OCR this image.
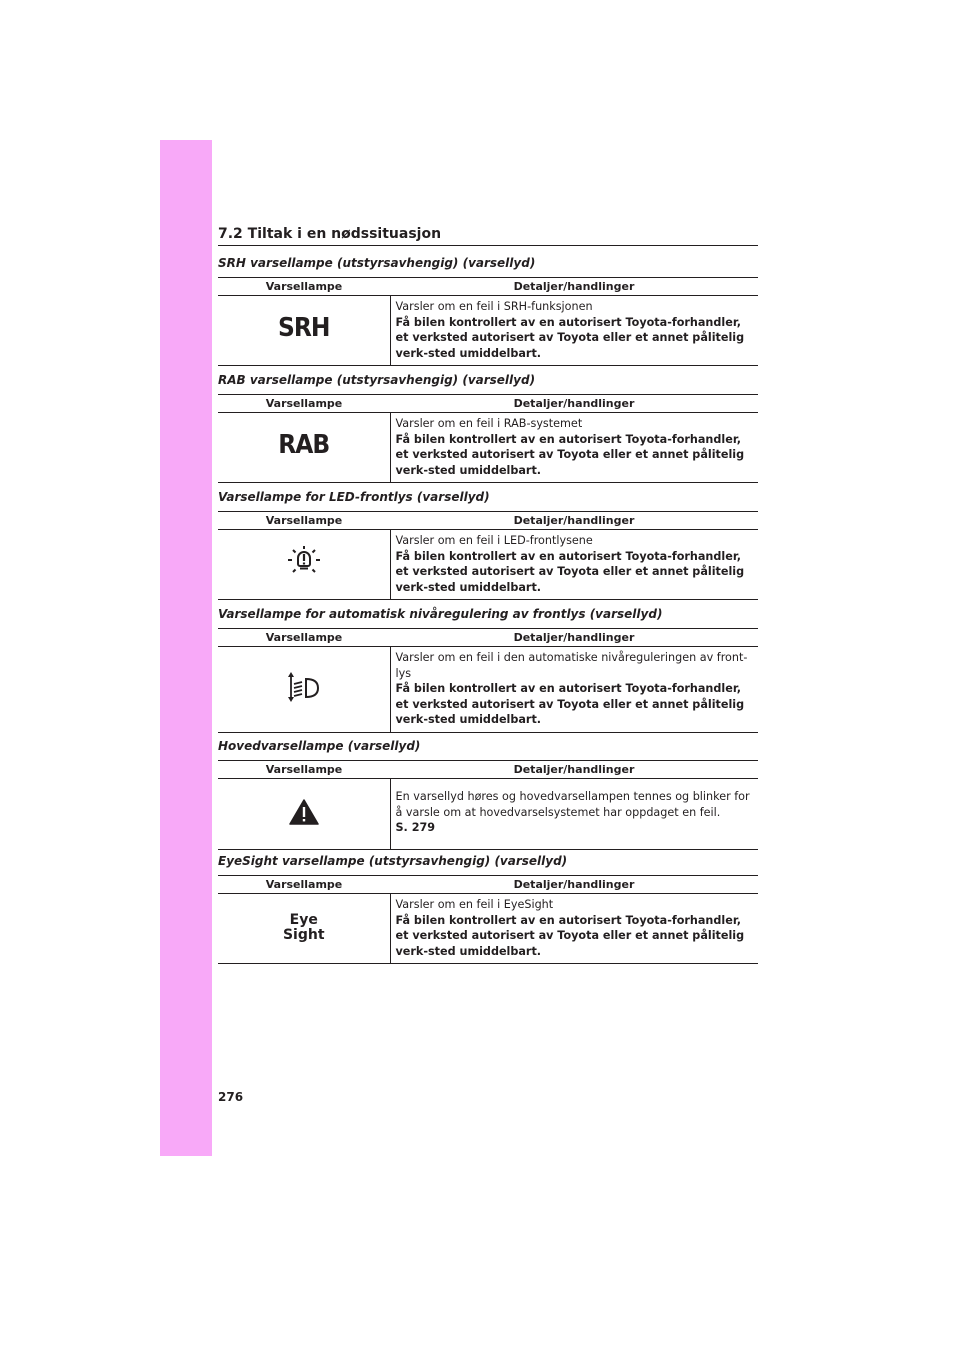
7.2 Tiltak i en nødssituasjon
SRH varsellampe (utstyrsavhengig) (varsellyd)
Varsellampe	Detaljer/handlinger
SRH	Varsler om en feil i SRH-funksjonen
Få bilen kontrollert av en autorisert Toyota-forhandler, et verksted autorisert av Toyota eller et annet pålitelig verk-sted umiddelbart.
RAB varsellampe (utstyrsavhengig) (varsellyd)
Varsellampe	Detaljer/handlinger
RAB	Varsler om en feil i RAB-systemet
Få bilen kontrollert av en autorisert Toyota-forhandler, et verksted autorisert av Toyota eller et annet pålitelig verk-sted umiddelbart.
Varsellampe for LED-frontlys (varsellyd)
Varsellampe	Detaljer/handlinger

Varsler om en feil i LED-frontlysene
Få bilen kontrollert av en autorisert Toyota-forhandler, et verksted autorisert av Toyota eller et annet pålitelig verk-sted umiddelbart.
Varsellampe for automatisk nivåregulering av frontlys (varsellyd)
Varsellampe	Detaljer/handlinger

Varsler om en feil i den automatiske nivåreguleringen av front-lys
Få bilen kontrollert av en autorisert Toyota-forhandler, et verksted autorisert av Toyota eller et annet pålitelig verk-sted umiddelbart.
Hovedvarsellampe (varsellyd)
Varsellampe	Detaljer/handlinger

En varsellyd høres og hovedvarsellampen tennes og blinker for å varsle om at hovedvarselsystemet har oppdaget en feil.
S. 279
EyeSight varsellampe (utstyrsavhengig) (varsellyd)
Varsellampe	Detaljer/handlinger

Eye
Sight	Varsler om en feil i EyeSight
Få bilen kontrollert av en autorisert Toyota-forhandler, et verksted autorisert av Toyota eller et annet pålitelig verk-sted umiddelbart.
276
